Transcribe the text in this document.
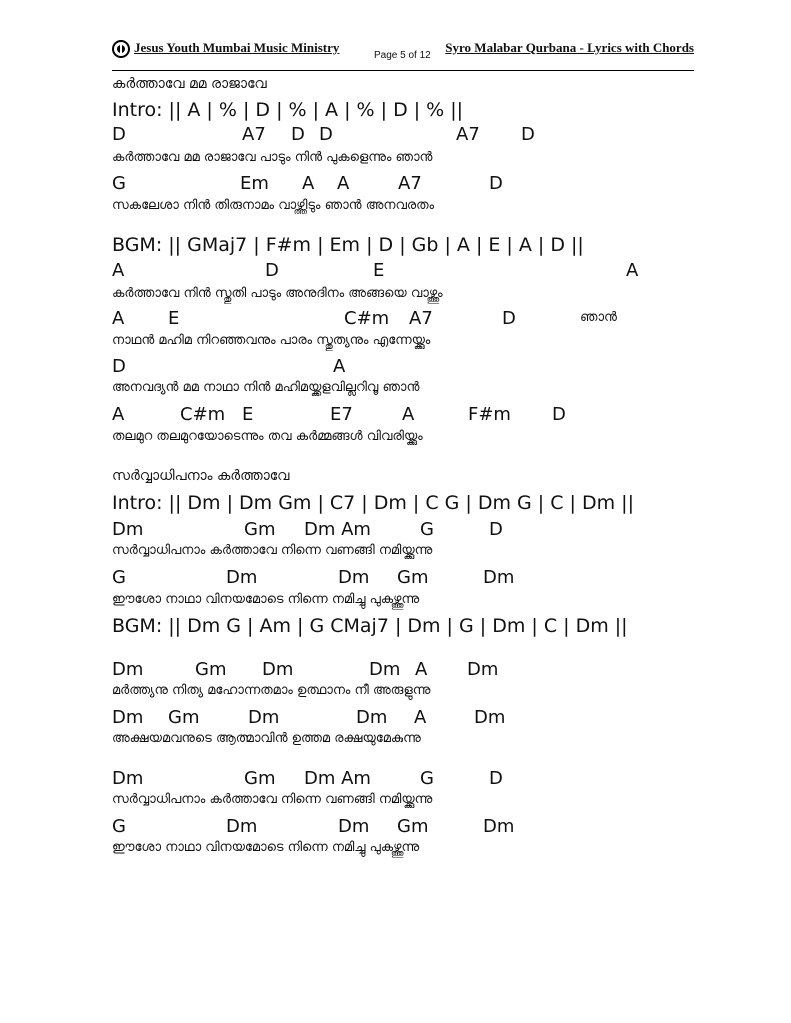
Jesus Youth Mumbai Music Ministry
Page 5 of 12
Syro Malabar Qurbana - Lyrics with Chords
കർത്താവേ മമ രാജാവേ
Intro: || A | % | D | % | A | % | D | % ||
D	A7 D D	A7 D
കർത്താവേ മമ രാജാവേ പാടും നിൻ പുകളെന്നും ഞാൻ
G	Em A A	A7	D
സകലേശാ നിൻ തിരുനാമം വാഴ്ത്തിടും ഞാൻ അനവരതം
BGM: || GMaj7 | F#m | Em | D | Gb | A | E | A | D ||
A	D	E	A
കർത്താവേ നിൻ സ്തുതി പാടും അനുദിനം അങ്ങയെ വാഴ്ത്തും
A E	C#m A7	D	ഞാൻ
നാഥൻ മഹിമ നിറഞ്ഞവനും പാരം സ്തുത്യനും എന്നേയ്ക്കും
D	A
അനവദ്യൻ മമ നാഥാ നിൻ മഹിമയ്ക്കളവില്ലറിവൂ ഞാൻ
A	C#m E	E7	A	F#m D
തലമുറ തലമുറയോടെന്നും തവ കർമ്മങ്ങൾ വിവരിയ്ക്കും
സർവ്വാധിപനാം കർത്താവേ
Intro: || Dm | Dm Gm | C7 | Dm | C G | Dm G | C | Dm ||
Dm	Gm Dm Am	G	D
സർവ്വാധിപനാം കർത്താവേ നിന്നെ വണങ്ങി നമിയ്ക്കുന്നു
G	Dm	Dm Gm	Dm
ഈശോ നാഥാ വിനയമോടെ നിന്നെ നമിച്ചു പുകഴ്ത്തുന്നു
BGM: || Dm G | Am | G CMaj7 | Dm | G | Dm | C | Dm ||
Dm	Gm Dm	Dm A Dm
മർത്ത്യനു നിത്യ മഹോന്നതമാം ഉത്ഥാനം നീ അരുളുന്നു
Dm Gm	Dm	Dm A	Dm
അക്ഷയമവനുടെ ആത്മാവിൻ ഉത്തമ രക്ഷയുമേകുന്നു
Dm	Gm Dm Am	G	D
സർവ്വാധിപനാം കർത്താവേ നിന്നെ വണങ്ങി നമിയ്ക്കുന്നു
G	Dm	Dm Gm	Dm
ഈശോ നാഥാ വിനയമോടെ നിന്നെ നമിച്ചു പുകഴ്ത്തുന്നു
